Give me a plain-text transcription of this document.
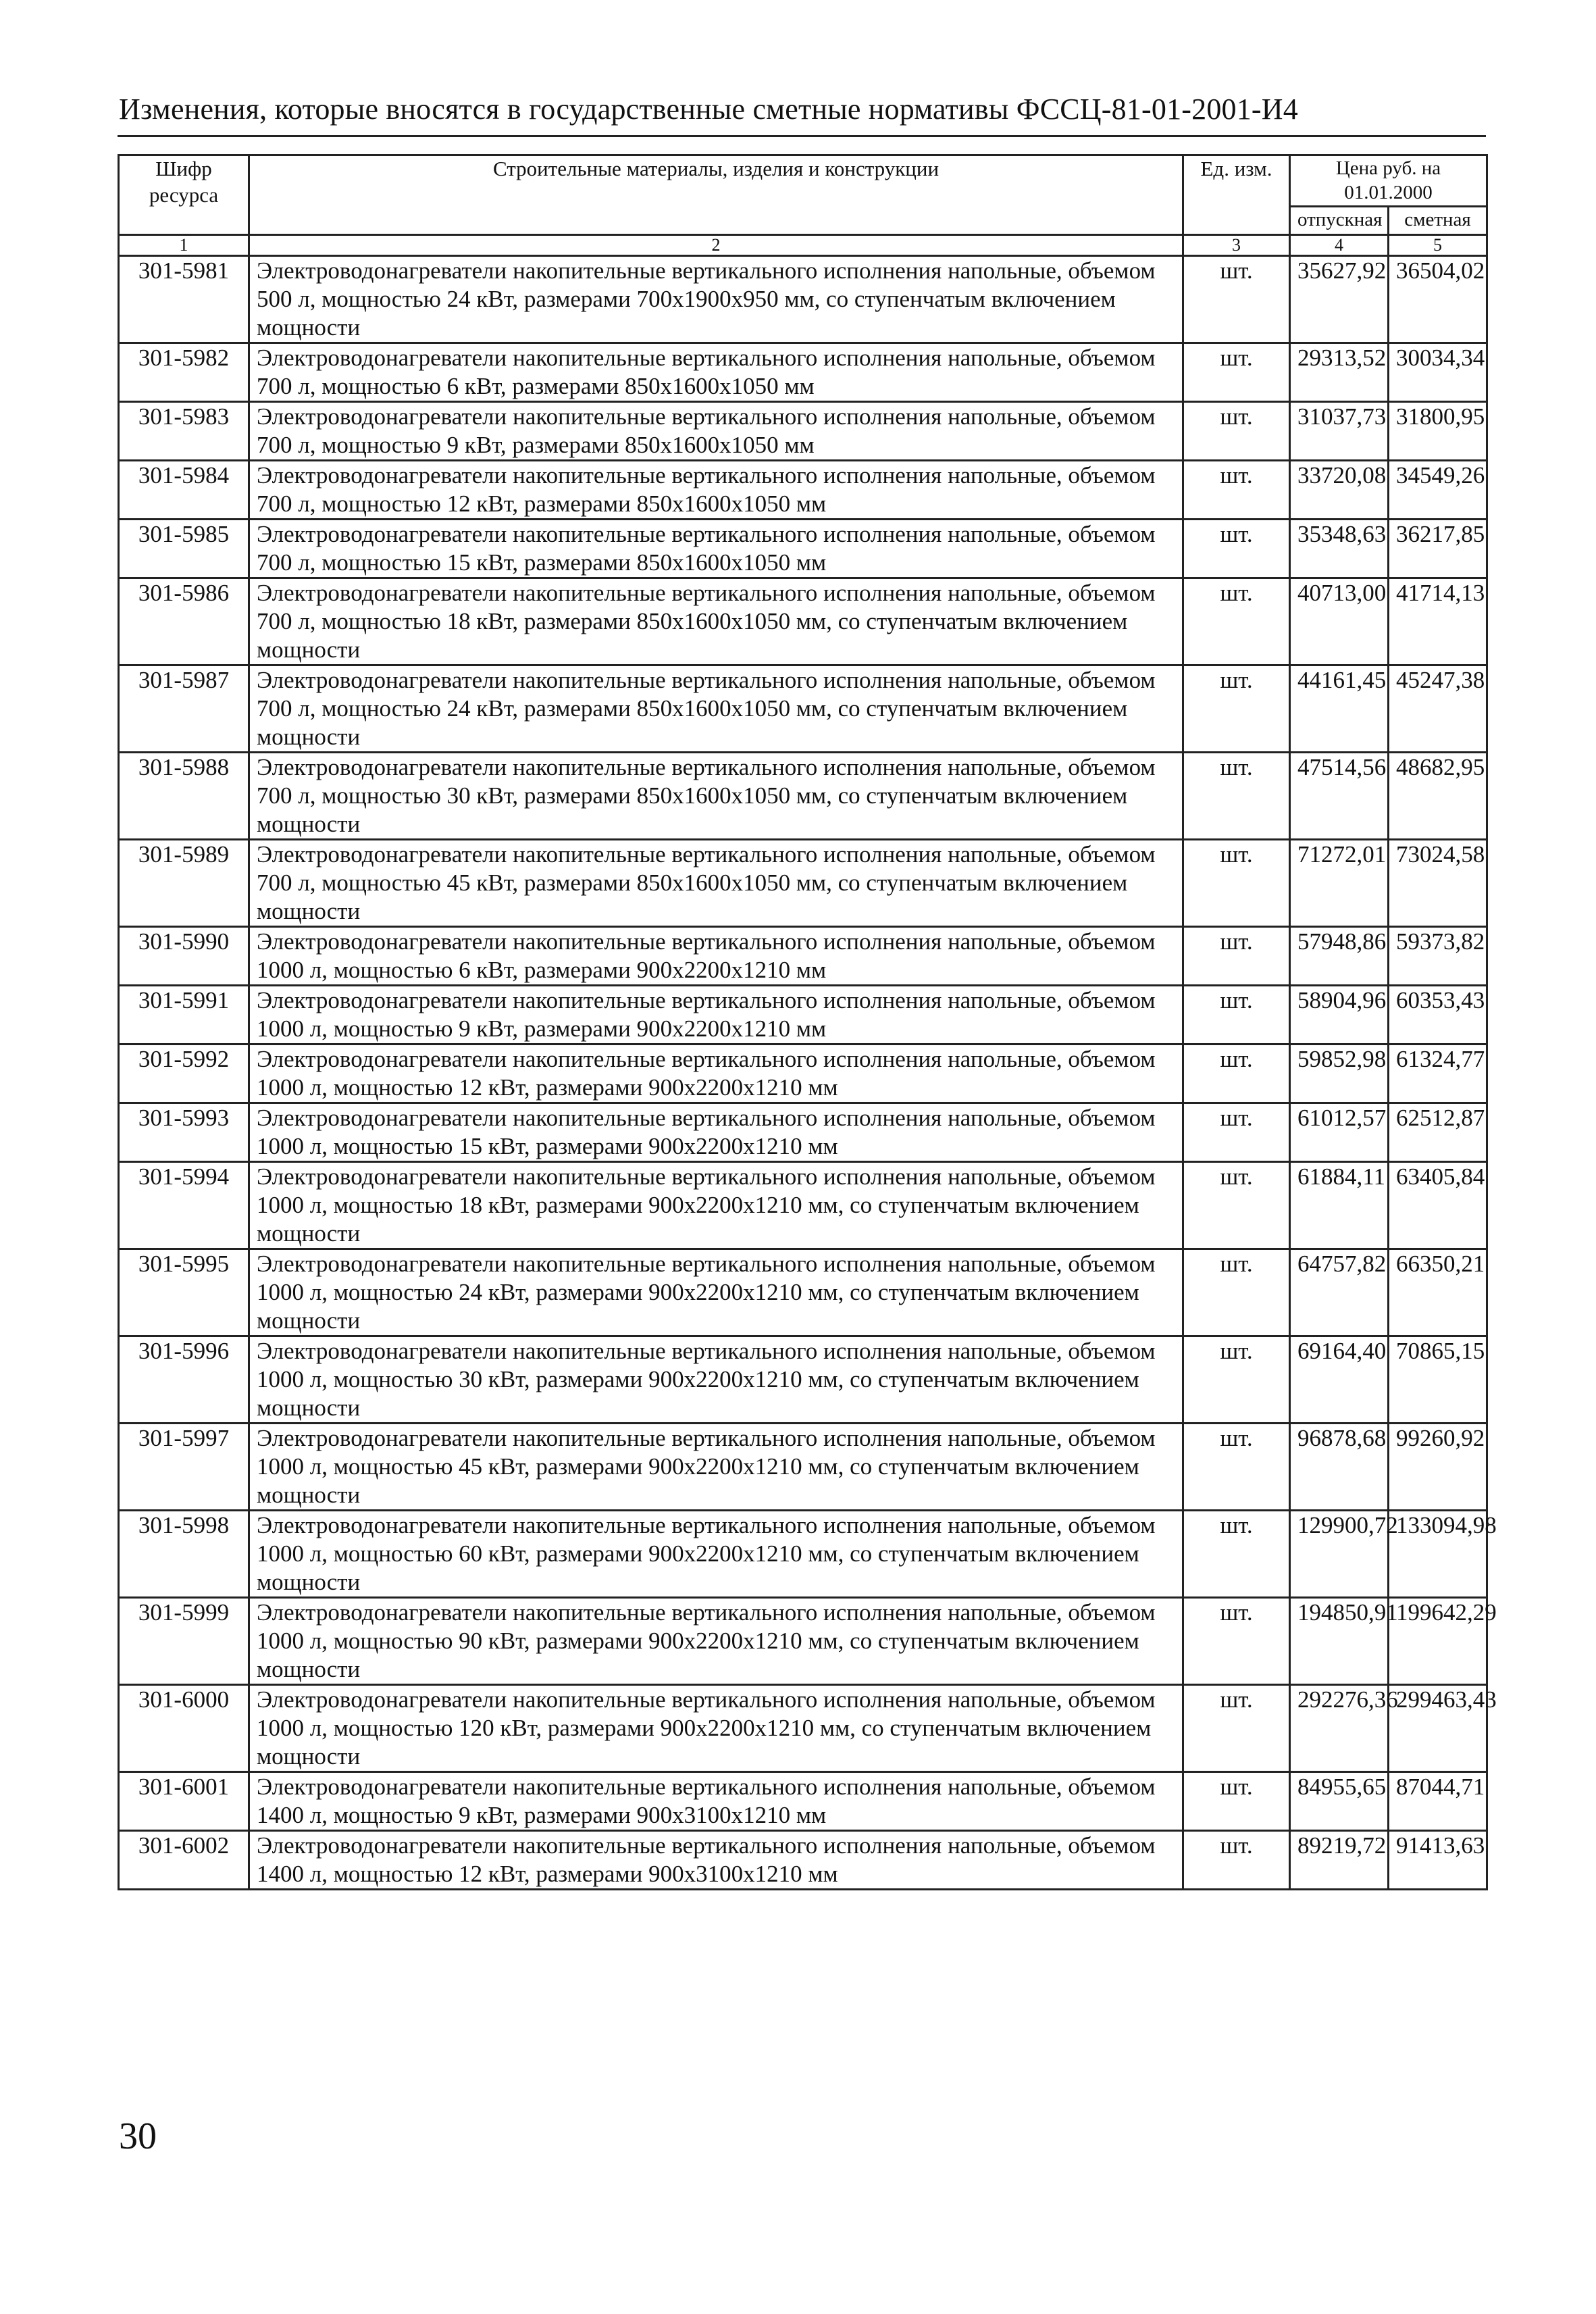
Изменения, которые вносятся в государственные сметные нормативы ФССЦ-81-01-2001-И4
Шифр ресурса	Строительные материалы, изделия и конструкции	Ед. изм.	Цена руб. на 01.01.2000	
			отпускная	сметная
1	2	3	4	5
301-5981	Электроводонагреватели накопительные вертикального исполнения напольные, объемом 500 л, мощностью 24 кВт, размерами 700x1900x950 мм, со ступенчатым включением мощности	шт.	35627,92	36504,02
301-5982	Электроводонагреватели накопительные вертикального исполнения напольные, объемом 700 л, мощностью 6 кВт, размерами 850x1600x1050 мм	шт.	29313,52	30034,34
301-5983	Электроводонагреватели накопительные вертикального исполнения напольные, объемом 700 л, мощностью 9 кВт, размерами 850x1600x1050 мм	шт.	31037,73	31800,95
301-5984	Электроводонагреватели накопительные вертикального исполнения напольные, объемом 700 л, мощностью 12 кВт, размерами 850x1600x1050 мм	шт.	33720,08	34549,26
301-5985	Электроводонагреватели накопительные вертикального исполнения напольные, объемом 700 л, мощностью 15 кВт, размерами 850x1600x1050 мм	шт.	35348,63	36217,85
301-5986	Электроводонагреватели накопительные вертикального исполнения напольные, объемом 700 л, мощностью 18 кВт, размерами 850x1600x1050 мм, со ступенчатым включением мощности	шт.	40713,00	41714,13
301-5987	Электроводонагреватели накопительные вертикального исполнения напольные, объемом 700 л, мощностью 24 кВт, размерами 850x1600x1050 мм, со ступенчатым включением мощности	шт.	44161,45	45247,38
301-5988	Электроводонагреватели накопительные вертикального исполнения напольные, объемом 700 л, мощностью 30 кВт, размерами 850x1600x1050 мм, со ступенчатым включением мощности	шт.	47514,56	48682,95
301-5989	Электроводонагреватели накопительные вертикального исполнения напольные, объемом 700 л, мощностью 45 кВт, размерами 850x1600x1050 мм, со ступенчатым включением мощности	шт.	71272,01	73024,58
301-5990	Электроводонагреватели накопительные вертикального исполнения напольные, объемом 1000 л, мощностью 6 кВт, размерами 900x2200x1210 мм	шт.	57948,86	59373,82
301-5991	Электроводонагреватели накопительные вертикального исполнения напольные, объемом 1000 л, мощностью 9 кВт, размерами 900x2200x1210 мм	шт.	58904,96	60353,43
301-5992	Электроводонагреватели накопительные вертикального исполнения напольные, объемом 1000 л, мощностью 12 кВт, размерами 900x2200x1210 мм	шт.	59852,98	61324,77
301-5993	Электроводонагреватели накопительные вертикального исполнения напольные, объемом 1000 л, мощностью 15 кВт, размерами 900x2200x1210 мм	шт.	61012,57	62512,87
301-5994	Электроводонагреватели накопительные вертикального исполнения напольные, объемом 1000 л, мощностью 18 кВт, размерами 900x2200x1210 мм, со ступенчатым включением мощности	шт.	61884,11	63405,84
301-5995	Электроводонагреватели накопительные вертикального исполнения напольные, объемом 1000 л, мощностью 24 кВт, размерами 900x2200x1210 мм, со ступенчатым включением мощности	шт.	64757,82	66350,21
301-5996	Электроводонагреватели накопительные вертикального исполнения напольные, объемом 1000 л, мощностью 30 кВт, размерами 900x2200x1210 мм, со ступенчатым включением мощности	шт.	69164,40	70865,15
301-5997	Электроводонагреватели накопительные вертикального исполнения напольные, объемом 1000 л, мощностью 45 кВт, размерами 900x2200x1210 мм, со ступенчатым включением мощности	шт.	96878,68	99260,92
301-5998	Электроводонагреватели накопительные вертикального исполнения напольные, объемом 1000 л, мощностью 60 кВт, размерами 900x2200x1210 мм, со ступенчатым включением мощности	шт.	129900,72	133094,98
301-5999	Электроводонагреватели накопительные вертикального исполнения напольные, объемом 1000 л, мощностью 90 кВт, размерами 900x2200x1210 мм, со ступенчатым включением мощности	шт.	194850,91	199642,29
301-6000	Электроводонагреватели накопительные вертикального исполнения напольные, объемом 1000 л, мощностью 120 кВт, размерами 900x2200x1210 мм, со ступенчатым включением мощности	шт.	292276,36	299463,43
301-6001	Электроводонагреватели накопительные вертикального исполнения напольные, объемом 1400 л, мощностью 9 кВт, размерами 900x3100x1210 мм	шт.	84955,65	87044,71
301-6002	Электроводонагреватели накопительные вертикального исполнения напольные, объемом 1400 л, мощностью 12 кВт, размерами 900x3100x1210 мм	шт.	89219,72	91413,63
30
